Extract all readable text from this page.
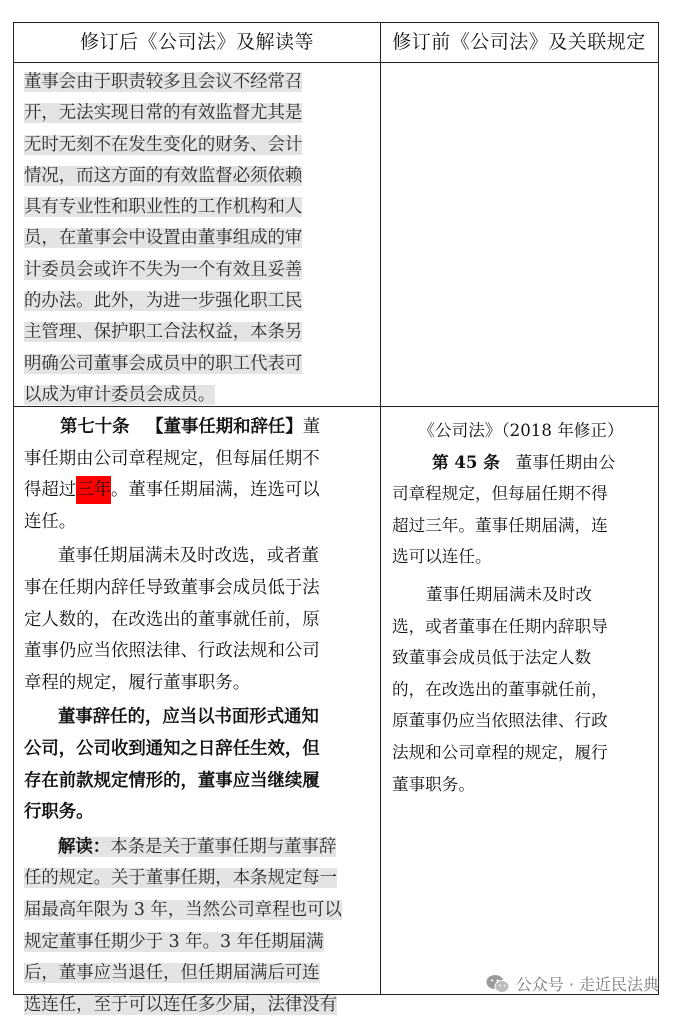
修订后《公司法》及解读等	修订前《公司法》及关联规定
董事会由于职责较多且会议不经常召
开，无法实现日常的有效监督尤其是
无时无刻不在发生变化的财务、会计
情况，而这方面的有效监督必须依赖
具有专业性和职业性的工作机构和人
员，在董事会中设置由董事组成的审
计委员会或许不失为一个有效且妥善
的办法。此外，为进一步强化职工民
主管理、保护职工合法权益，本条另
明确公司董事会成员中的职工代表可
以成为审计委员会成员。
第七十条 【董事任期和辞任】董
事任期由公司章程规定，但每届任期不
得超过三年。董事任期届满，连选可以
连任。
董事任期届满未及时改选，或者董
事在任期内辞任导致董事会成员低于法
定人数的，在改选出的董事就任前，原
董事仍应当依照法律、行政法规和公司
章程的规定，履行董事职务。
董事辞任的，应当以书面形式通知
公司，公司收到通知之日辞任生效，但
存在前款规定情形的，董事应当继续履
行职务。
解读：本条是关于董事任期与董事辞
任的规定。关于董事任期，本条规定每一
届最高年限为 3 年，当然公司章程也可以
规定董事任期少于 3 年。3 年任期届满
后，董事应当退任，但任期届满后可连
选连任，至于可以连任多少届，法律没有
《公司法》（2018 年修正）
第 45 条 董事任期由公
司章程规定，但每届任期不得
超过三年。董事任期届满，连
选可以连任。
董事任期届满未及时改
选，或者董事在任期内辞职导
致董事会成员低于法定人数
的，在改选出的董事就任前，
原董事仍应当依照法律、行政
法规和公司章程的规定，履行
董事职务。
公众号 · 走近民法典
